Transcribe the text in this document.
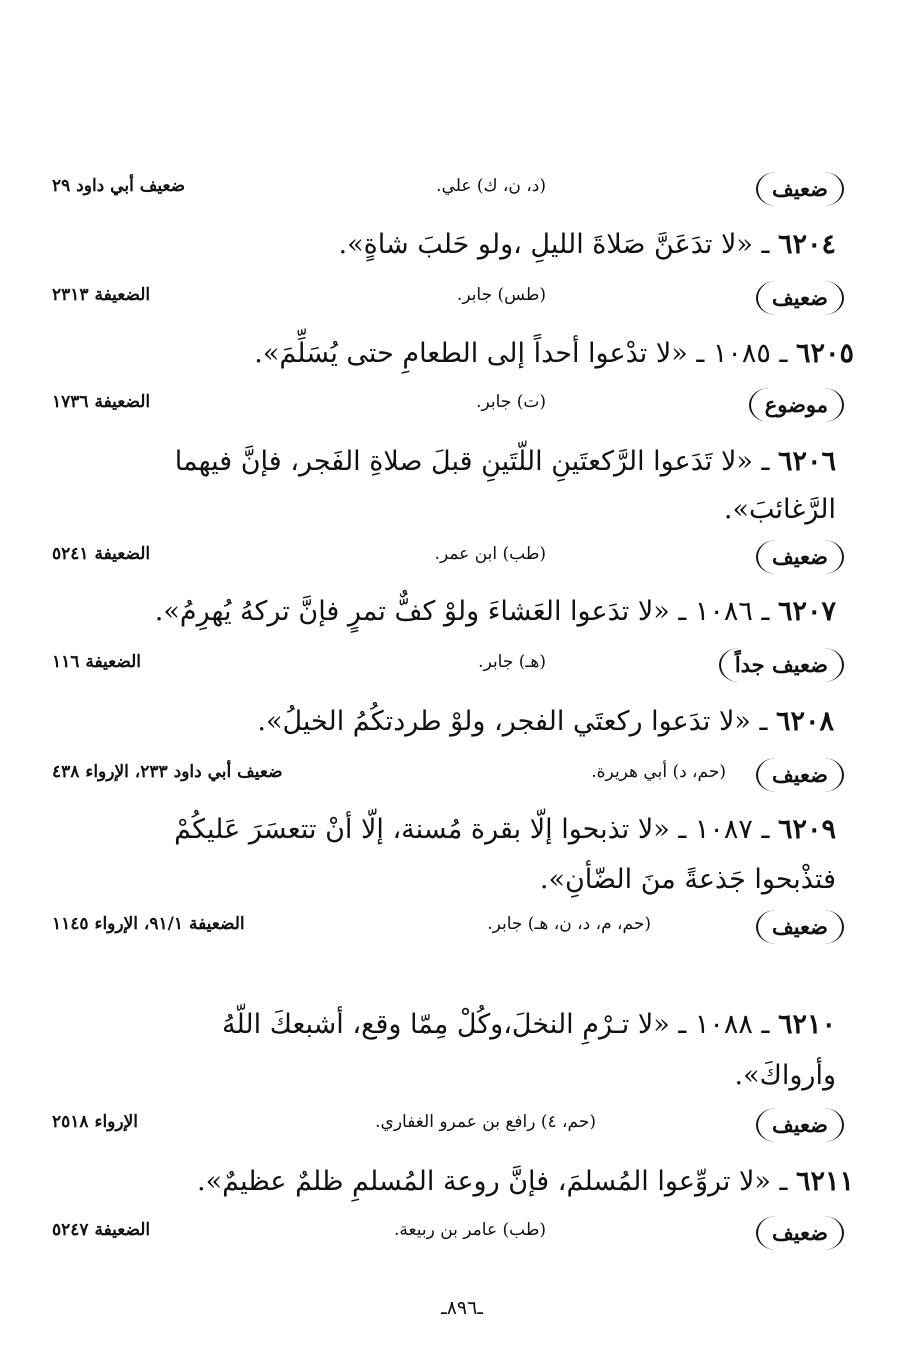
ضعيف
(د، ن، ك) علي.
ضعيف أبي داود ٢٩
٦٢٠٤ ـ «لا تدَعَنَّ صَلاةَ الليلِ ،ولو حَلبَ شاةٍ».
ضعيف
(طس) جابر.
الضعيفة ٢٣١٣
٦٢٠٥ ـ ١٠٨٥ ـ «لا تدْعوا أحداً إلى الطعامِ حتى يُسَلِّمَ».
موضوع
(ت) جابر.
الضعيفة ١٧٣٦
٦٢٠٦ ـ «لا تَدَعوا الرَّكعتَينِ اللّتَينِ قبلَ صلاةِ الفَجر، فإنَّ فيهما
الرَّغائبَ».
ضعيف
(طب) ابن عمر.
الضعيفة ٥٢٤١
٦٢٠٧ ـ ١٠٨٦ ـ «لا تدَعوا العَشاءَ ولوْ كفٌّ تمرٍ فإنَّ تركهُ يُهرِمُ».
ضعيف جداً
(هـ) جابر.
الضعيفة ١١٦
٦٢٠٨ ـ «لا تدَعوا ركعتَي الفجر، ولوْ طردتكُمُ الخيلُ».
ضعيف
(حم، د) أبي هريرة.
ضعيف أبي داود ٢٣٣، الإرواء ٤٣٨
٦٢٠٩ ـ ١٠٨٧ ـ «لا تذبحوا إلّا بقرة مُسنة، إلّا أنْ تتعسَرَ عَليكُمْ
فتذْبحوا جَذعةً منَ الضّأنِ».
ضعيف
(حم، م، د، ن، هـ) جابر.
الضعيفة ٩١/١، الإرواء ١١٤٥
٦٢١٠ ـ ١٠٨٨ ـ «لا تـرْمِ النخلَ،وكُلْ مِمّا وقع، أشبعكَ اللّهُ
وأرواكَ».
ضعيف
(حم، ٤) رافع بن عمرو الغفاري.
الإرواء ٢٥١٨
٦٢١١ ـ «لا تروِّعوا المُسلمَ، فإنَّ روعة المُسلمِ ظلمٌ عظيمٌ».
ضعيف
(طب) عامر بن ربيعة.
الضعيفة ٥٢٤٧
ـ٨٩٦ـ
